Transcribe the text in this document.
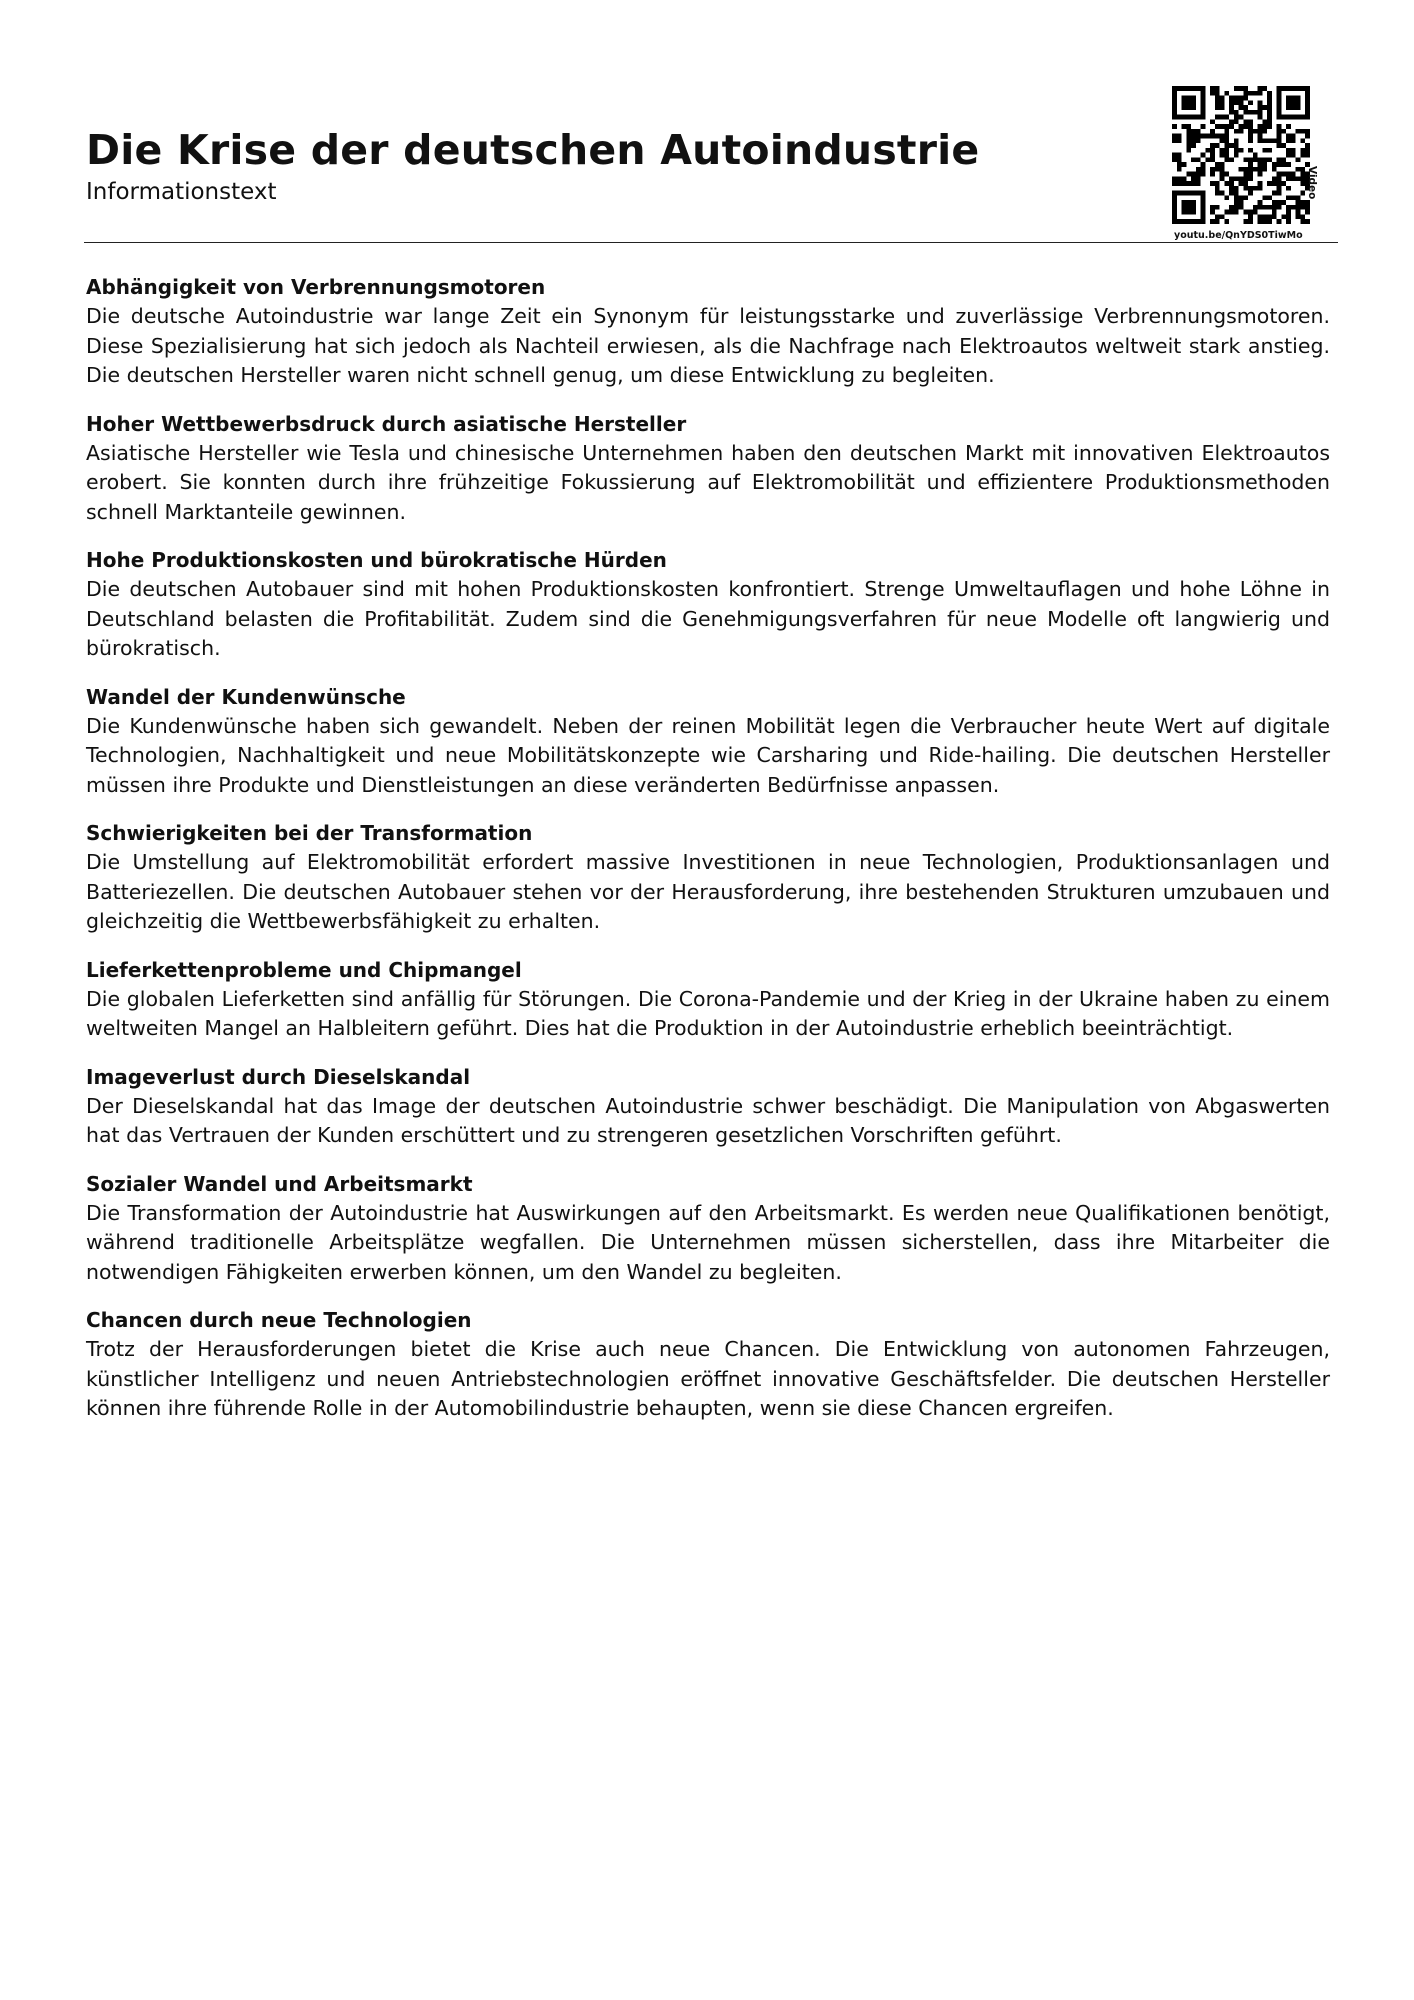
Die Krise der deutschen Autoindustrie
Informationstext
youtu.be/QnYDS0TiwMo
Video
Abhängigkeit von Verbrennungsmotoren
Die deutsche Autoindustrie war lange Zeit ein Synonym für leistungsstarke und zuverlässige Verbrennungsmotoren. Diese Spezialisierung hat sich jedoch als Nachteil erwiesen, als die Nachfrage nach Elektroautos weltweit stark anstieg. Die deutschen Hersteller waren nicht schnell genug, um diese Entwicklung zu begleiten.
Hoher Wettbewerbsdruck durch asiatische Hersteller
Asiatische Hersteller wie Tesla und chinesische Unternehmen haben den deutschen Markt mit innovativen Elektroautos erobert. Sie konnten durch ihre frühzeitige Fokussierung auf Elektromobilität und effizientere Produktionsmethoden schnell Marktanteile gewinnen.
Hohe Produktionskosten und bürokratische Hürden
Die deutschen Autobauer sind mit hohen Produktionskosten konfrontiert. Strenge Umweltauflagen und hohe Löhne in Deutschland belasten die Profitabilität. Zudem sind die Genehmigungsverfahren für neue Modelle oft langwierig und bürokratisch.
Wandel der Kundenwünsche
Die Kundenwünsche haben sich gewandelt. Neben der reinen Mobilität legen die Verbraucher heute Wert auf digitale Technologien, Nachhaltigkeit und neue Mobilitätskonzepte wie Carsharing und Ride-hailing. Die deutschen Hersteller müssen ihre Produkte und Dienstleistungen an diese veränderten Bedürfnisse anpassen.
Schwierigkeiten bei der Transformation
Die Umstellung auf Elektromobilität erfordert massive Investitionen in neue Technologien, Produktionsanlagen und Batteriezellen. Die deutschen Autobauer stehen vor der Herausforderung, ihre bestehenden Strukturen umzubauen und gleichzeitig die Wettbewerbsfähigkeit zu erhalten.
Lieferkettenprobleme und Chipmangel
Die globalen Lieferketten sind anfällig für Störungen. Die Corona-Pandemie und der Krieg in der Ukraine haben zu einem weltweiten Mangel an Halbleitern geführt. Dies hat die Produktion in der Autoindustrie erheblich beeinträchtigt.
Imageverlust durch Dieselskandal
Der Dieselskandal hat das Image der deutschen Autoindustrie schwer beschädigt. Die Manipulation von Abgaswerten hat das Vertrauen der Kunden erschüttert und zu strengeren gesetzlichen Vorschriften geführt.
Sozialer Wandel und Arbeitsmarkt
Die Transformation der Autoindustrie hat Auswirkungen auf den Arbeitsmarkt. Es werden neue Qualifikationen benötigt, während traditionelle Arbeitsplätze wegfallen. Die Unternehmen müssen sicherstellen, dass ihre Mitarbeiter die notwendigen Fähigkeiten erwerben können, um den Wandel zu begleiten.
Chancen durch neue Technologien
Trotz der Herausforderungen bietet die Krise auch neue Chancen. Die Entwicklung von autonomen Fahrzeugen, künstlicher Intelligenz und neuen Antriebstechnologien eröffnet innovative Geschäftsfelder. Die deutschen Hersteller können ihre führende Rolle in der Automobilindustrie behaupten, wenn sie diese Chancen ergreifen.
